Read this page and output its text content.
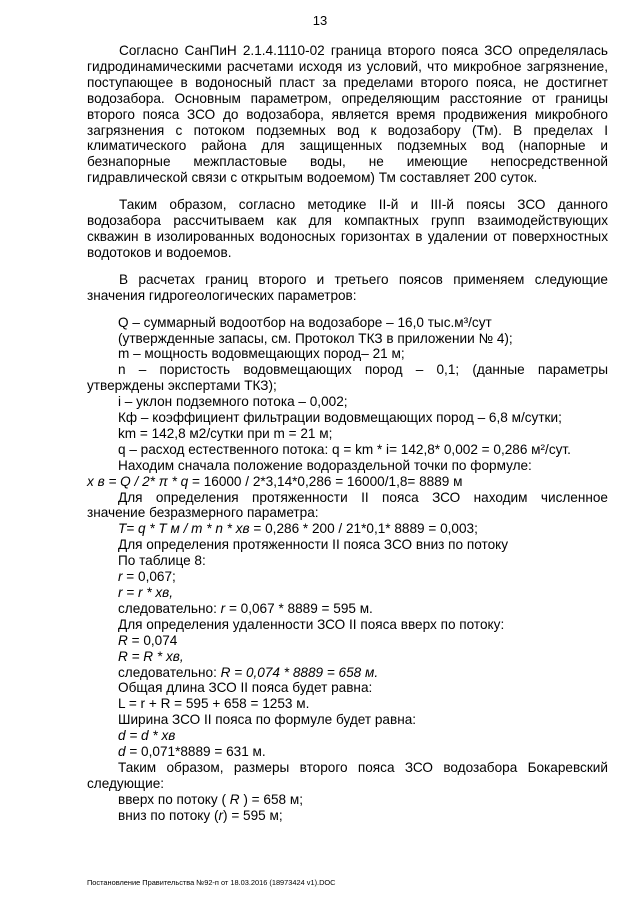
13

Согласно СанПиН 2.1.4.1110-02 граница второго пояса ЗСО определялась гидродинамическими расчетами исходя из условий, что микробное загрязнение, поступающее в водоносный пласт за пределами второго пояса, не достигнет водозабора. Основным параметром, определяющим расстояние от границы второго пояса ЗСО до водозабора, является время продвижения микробного загрязнения с потоком подземных вод к водозабору (Тм). В пределах I климатического района для защищенных подземных вод (напорные и безнапорные межпластовые воды, не имеющие непосредственной гидравлической связи с открытым водоемом) Тм составляет 200 суток.

Таким образом, согласно методике II-й и III-й поясы ЗСО данного водозабора рассчитываем как для компактных групп взаимодействующих скважин в изолированных водоносных горизонтах в удалении от поверхностных водотоков и водоемов.

В расчетах границ второго и третьего поясов применяем следующие значения гидрогеологических параметров:

Q – суммарный водоотбор на водозаборе – 16,0 тыс.м³/сут

(утвержденные запасы, см. Протокол ТКЗ в приложении № 4);

m – мощность водовмещающих пород– 21 м;

n – пористость водовмещающих пород – 0,1; (данные параметры

утверждены экспертами ТКЗ);

i – уклон подземного потока – 0,002;

Кф – коэффициент фильтрации водовмещающих пород – 6,8 м/сутки;

km = 142,8 м2/сутки при m = 21 м;

q – расход естественного потока: q = km * i= 142,8* 0,002 = 0,286 м²/сут.

Находим сначала положение водораздельной точки по формуле:

х в = Q / 2* π * q = 16000 / 2*3,14*0,286 = 16000/1,8= 8889 м

Для определения протяженности II пояса ЗСО находим численное

значение безразмерного параметра:

T= q * T м / m * n * хв = 0,286 * 200 / 21*0,1* 8889 = 0,003;

Для определения протяженности II пояса ЗСО вниз по потоку

По таблице 8:

r = 0,067;

r = r * хв,

следовательно: r = 0,067 * 8889 = 595 м.

Для определения удаленности ЗСО II пояса вверх по потоку:

R = 0,074

R = R * хв,

следовательно: R = 0,074 * 8889 = 658 м.

Общая длина ЗСО II пояса будет равна:

L = r + R = 595 + 658 = 1253 м.

Ширина ЗСО II пояса по формуле будет равна:

d = d * хв

d = 0,071*8889 = 631 м.

Таким образом, размеры второго пояса ЗСО водозабора Бокаревский

следующие:

вверх по потоку ( R ) = 658 м;

вниз по потоку (r) = 595 м;

Постановление Правительства №92-п от 18.03.2016 (18973424 v1).DOC
